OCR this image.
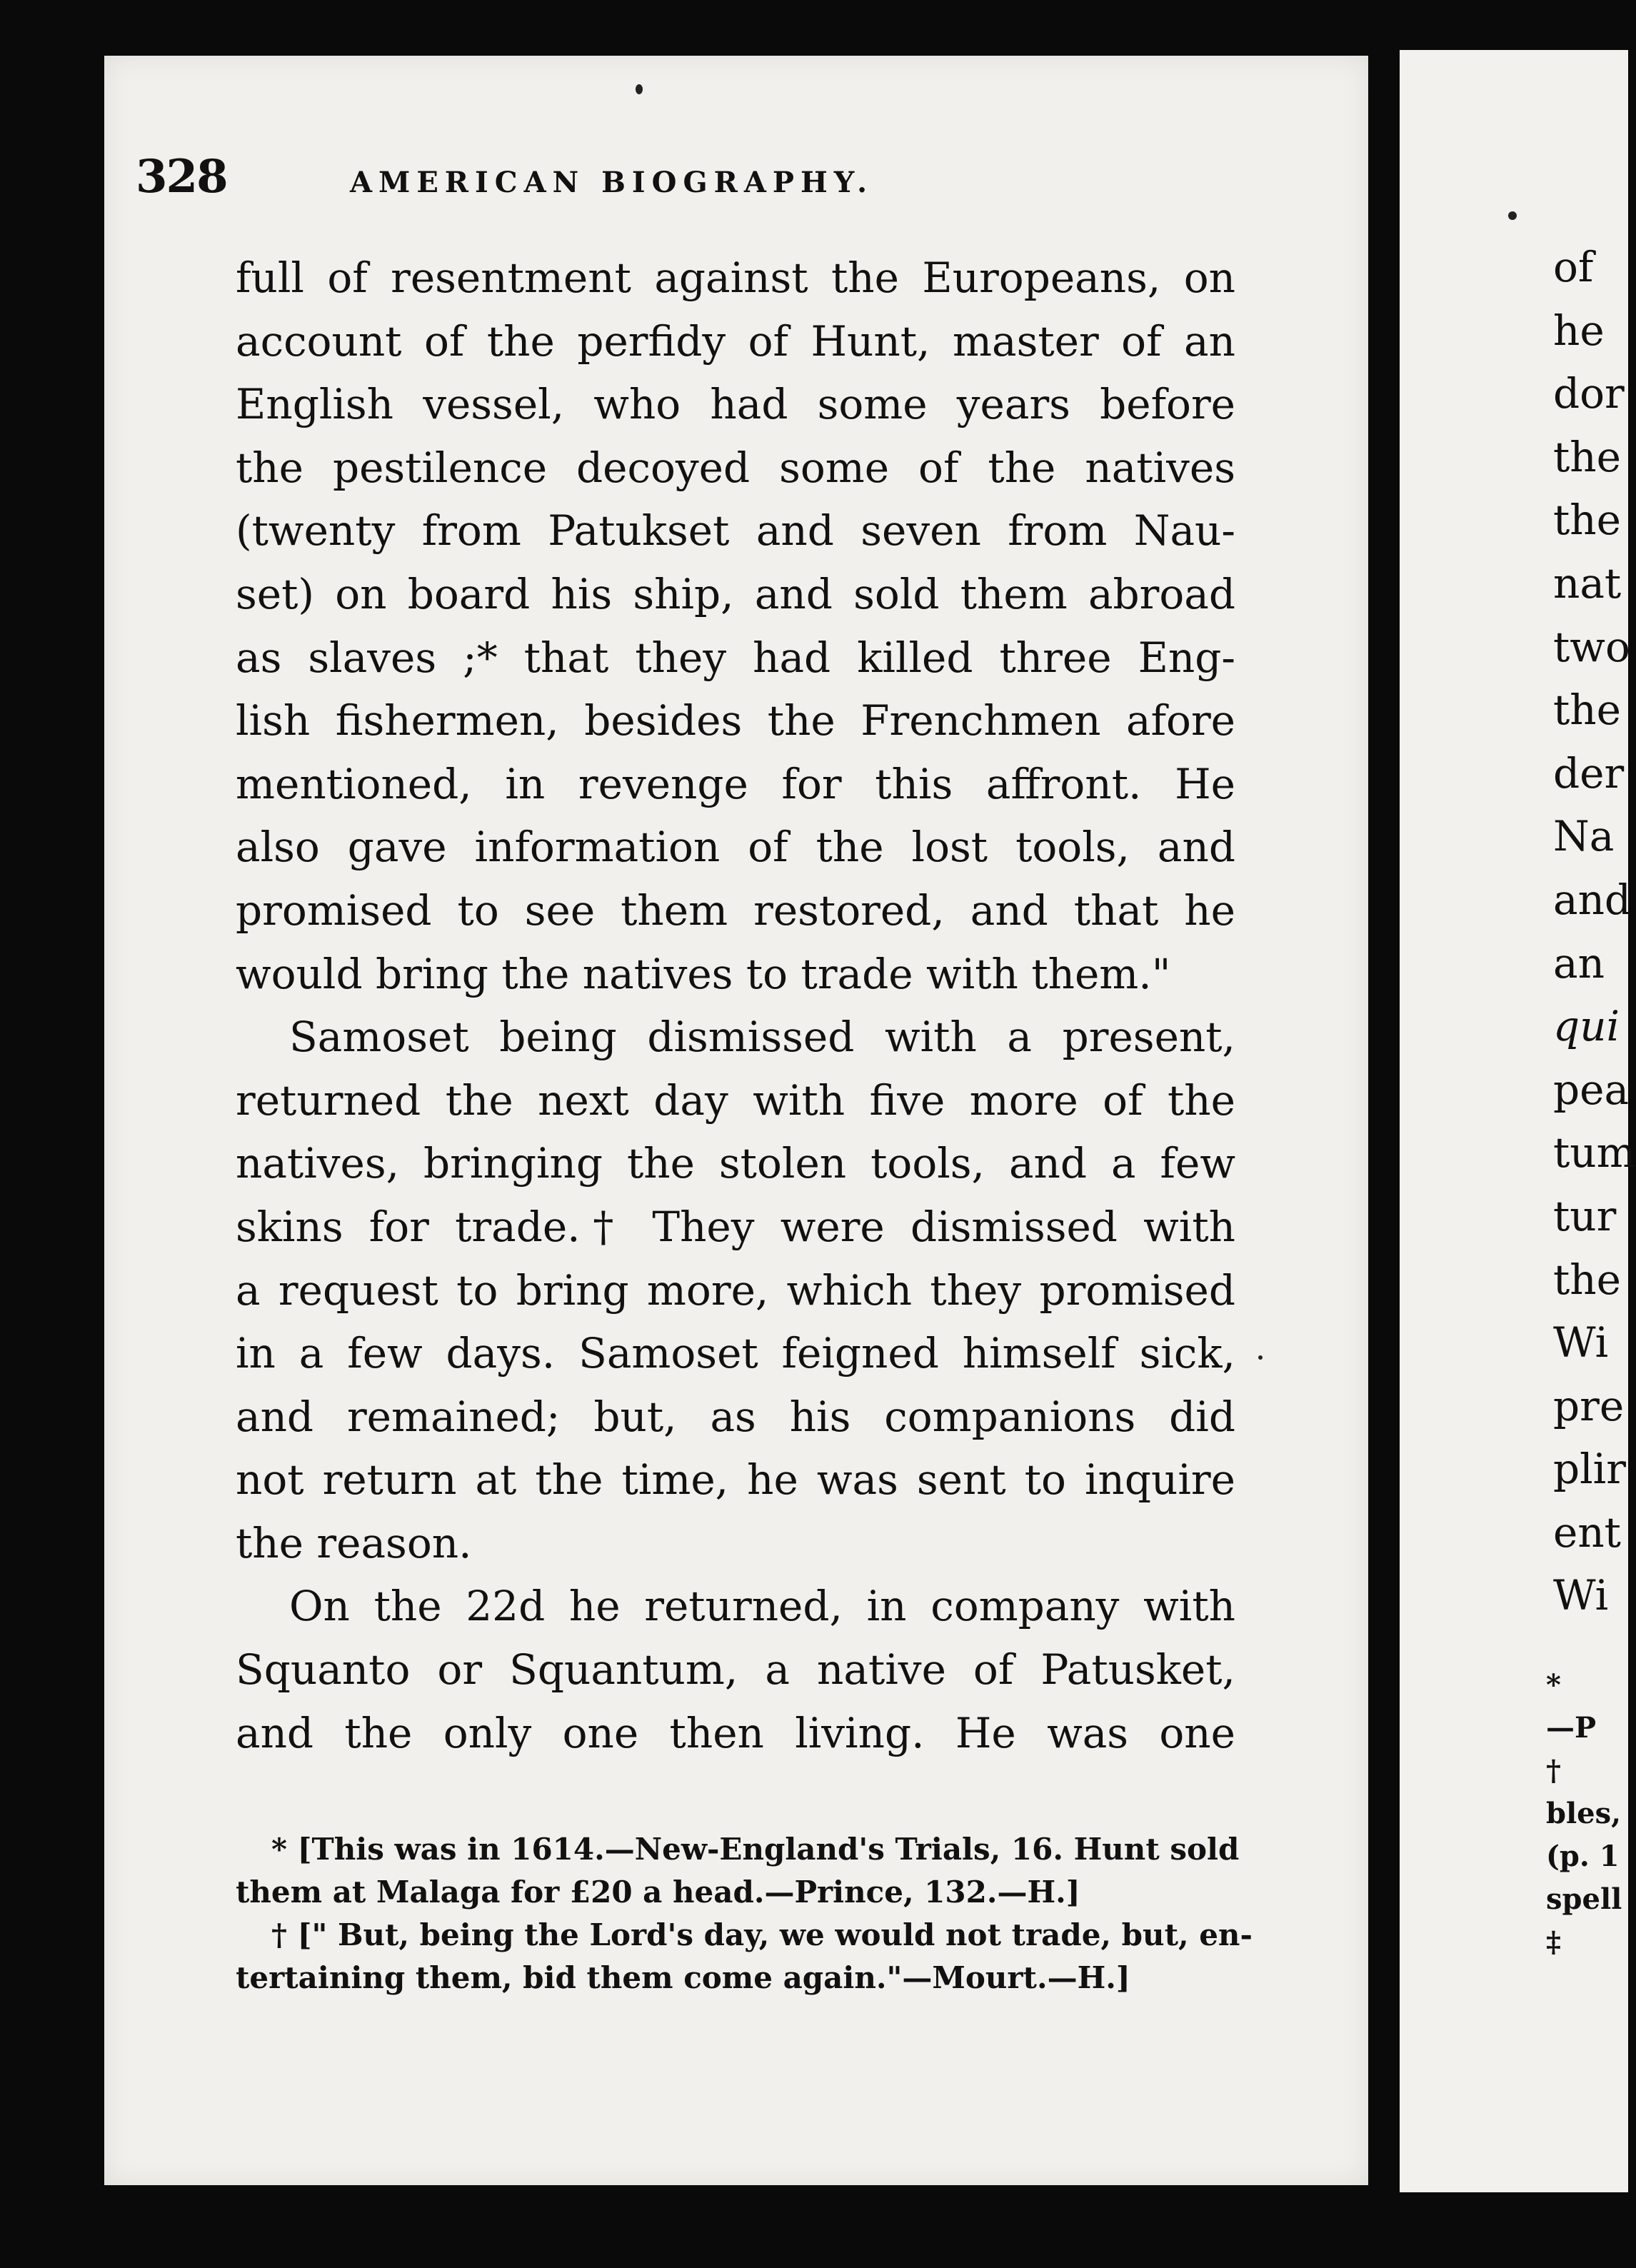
328	AMERICAN BIOGRAPHY.
full of resentment against the Europeans, on
account of the perfidy of Hunt, master of an
English vessel, who had some years before
the pestilence decoyed some of the natives
(twenty from Patukset and seven from Nau-
set) on board his ship, and sold them abroad
as slaves ;* that they had killed three Eng-
lish fishermen, besides the Frenchmen afore
mentioned, in revenge for this affront. He
also gave information of the lost tools, and
promised to see them restored, and that he
would bring the natives to trade with them."
Samoset being dismissed with a present,
returned the next day with five more of the
natives, bringing the stolen tools, and a few
skins for trade.† They were dismissed with
a request to bring more, which they promised
in a few days. Samoset feigned himself sick,
and remained; but, as his companions did
not return at the time, he was sent to inquire
the reason.
On the 22d he returned, in company with
Squanto or Squantum, a native of Patusket,
and the only one then living. He was one
* [This was in 1614.—New-England's Trials, 16. Hunt sold
them at Malaga for £20 a head.—Prince, 132.—H.]
† [" But, being the Lord's day, we would not trade, but, en-
tertaining them, bid them come again."—Mourt.—H.]
of
he
dor
the
the
nat
two
the
der
Na
and
an
qui
pea
tum
tur
the
Wi
pre
plir
ent
Wi
*
—P
†
bles,
(p. 1
spell
‡
